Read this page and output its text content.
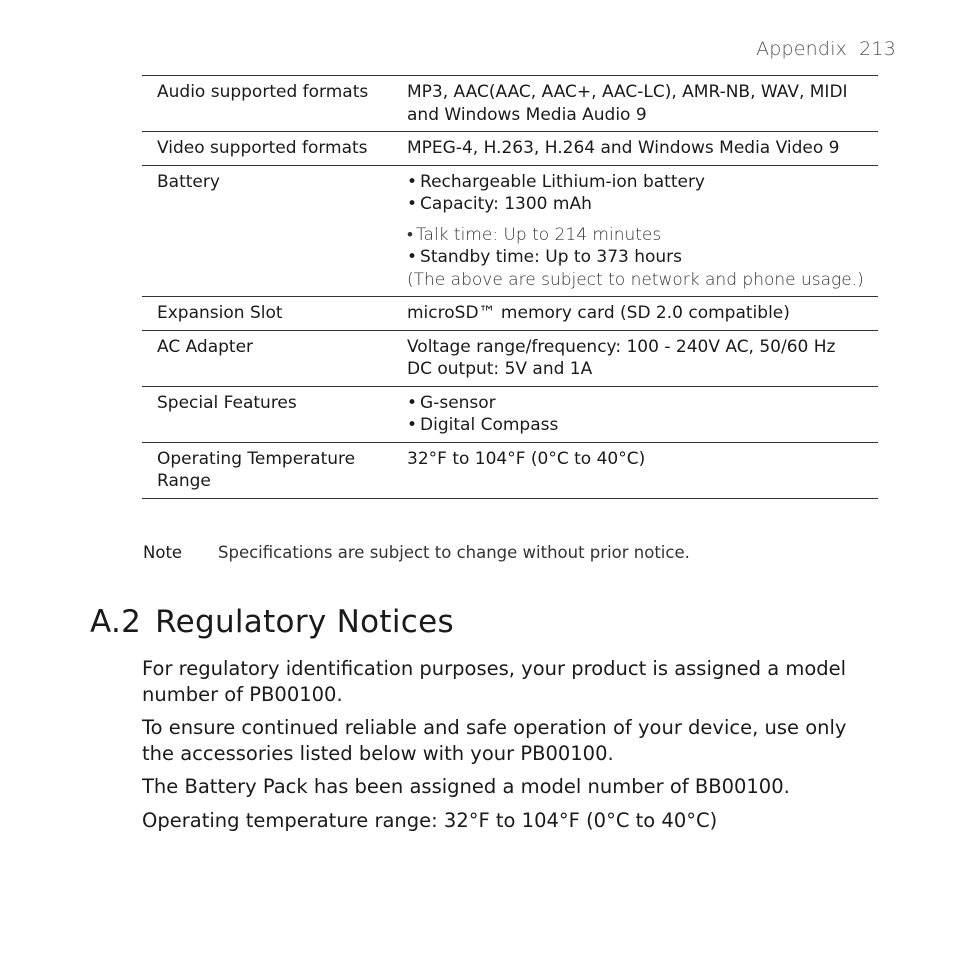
Appendix 213
Audio supported formats	MP3, AAC(AAC, AAC+, AAC-LC), AMR-NB, WAV, MIDI and Windows Media Audio 9
Video supported formats	MPEG-4, H.263, H.264 and Windows Media Video 9
Battery	• Rechargeable Lithium-ion battery
• Capacity: 1300 mAh
• Talk time: Up to 214 minutes
• Standby time: Up to 373 hours
(The above are subject to network and phone usage.)

Expansion Slot	microSD™ memory card (SD 2.0 compatible)
AC Adapter	Voltage range/frequency: 100 - 240V AC, 50/60 Hz
DC output: 5V and 1A

Special Features	• G-sensor
• Digital Compass

Operating Temperature Range	32°F to 104°F (0°C to 40°C)
Note Specifications are subject to change without prior notice.
A.2 Regulatory Notices

For regulatory identification purposes, your product is assigned a model number of PB00100.

To ensure continued reliable and safe operation of your device, use only the accessories listed below with your PB00100.

The Battery Pack has been assigned a model number of BB00100.

Operating temperature range: 32°F to 104°F (0°C to 40°C)
